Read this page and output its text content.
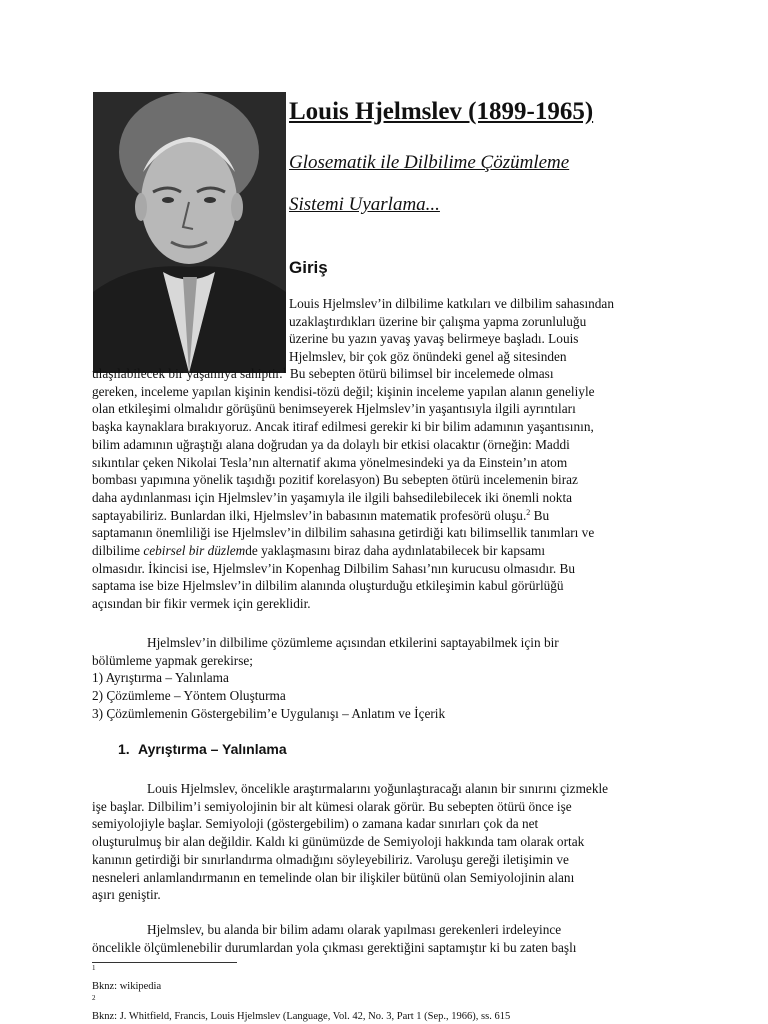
Louis Hjelmslev (1899-1965)

Glosematik ile Dilbilime Çözümleme

Sistemi Uyarlama...

Giriş

Louis Hjelmslev’in dilbilime katkıları ve dilbilim sahasından
uzaklaştırdıkları üzerine bir çalışma yapma zorunluluğu
üzerine bu yazın yavaş yavaş belirmeye başladı. Louis
Hjelmslev, bir çok göz önündeki genel ağ sitesinden

ulaşılabilecek bir yaşamıya sahiptir.$^1$ Bu sebepten ötürü bilimsel bir incelemede olması
gereken, inceleme yapılan kişinin kendisi-tözü değil; kişinin inceleme yapılan alanın geneliyle
olan etkileşimi olmalıdır görüşünü benimseyerek Hjelmslev’in yaşantısıyla ilgili ayrıntıları
başka kaynaklara bırakıyoruz. Ancak itiraf edilmesi gerekir ki bir bilim adamının yaşantısının,
bilim adamının uğraştığı alana doğrudan ya da dolaylı bir etkisi olacaktır (örneğin: Maddi
sıkıntılar çeken Nikolai Tesla’nın alternatif akıma yönelmesindeki ya da Einstein’ın atom
bombası yapımına yönelik taşıdığı pozitif korelasyon) Bu sebepten ötürü incelemenin biraz
daha aydınlanması için Hjelmslev’in yaşamıyla ile ilgili bahsedilebilecek iki önemli nokta
saptayabiliriz. Bunlardan ilki, Hjelmslev’in babasının matematik profesörü oluşu.$^2$ Bu
saptamanın önemliliği ise Hjelmslev’in dilbilim sahasına getirdiği katı bilimsellik tanımları ve
dilbilime cebirsel bir düzlemde yaklaşmasını biraz daha aydınlatabilecek bir kapsamı
olmasıdır. İkincisi ise, Hjelmslev’in Kopenhag Dilbilim Sahası’nın kurucusu olmasıdır. Bu
saptama ise bize Hjelmslev’in dilbilim alanında oluşturduğu etkileşimin kabul görürlüğü
açısından bir fikir vermek için gereklidir.

Hjelmslev’in dilbilime çözümleme açısından etkilerini saptayabilmek için bir
bölümleme yapmak gerekirse;
1) Ayrıştırma – Yalınlama
2) Çözümleme – Yöntem Oluşturma
3) Çözümlemenin Göstergebilim’e Uygulanışı – Anlatım ve İçerik

1. Ayrıştırma – Yalınlama

Louis Hjelmslev, öncelikle araştırmalarını yoğunlaştıracağı alanın bir sınırını çizmekle
işe başlar. Dilbilim’i semiyolojinin bir alt kümesi olarak görür. Bu sebepten ötürü önce işe
semiyolojiyle başlar. Semiyoloji (göstergebilim) o zamana kadar sınırları çok da net
oluşturulmuş bir alan değildir. Kaldı ki günümüzde de Semiyoloji hakkında tam olarak ortak
kanının getirdiği bir sınırlandırma olmadığını söyleyebiliriz. Varoluşu gereği iletişimin ve
nesneleri anlamlandırmanın en temelinde olan bir ilişkiler bütünü olan Semiyolojinin alanı
aşırı geniştir.

Hjelmslev, bu alanda bir bilim adamı olarak yapılması gerekenleri irdeleyince
öncelikle ölçümlenebilir durumlardan yola çıkması gerektiğini saptamıştır ki bu zaten başlı

$^1$
Bknz: wikipedia
$^2$
Bknz: J. Whitfield, Francis, Louis Hjelmslev (Language, Vol. 42, No. 3, Part 1 (Sep., 1966), ss. 615
